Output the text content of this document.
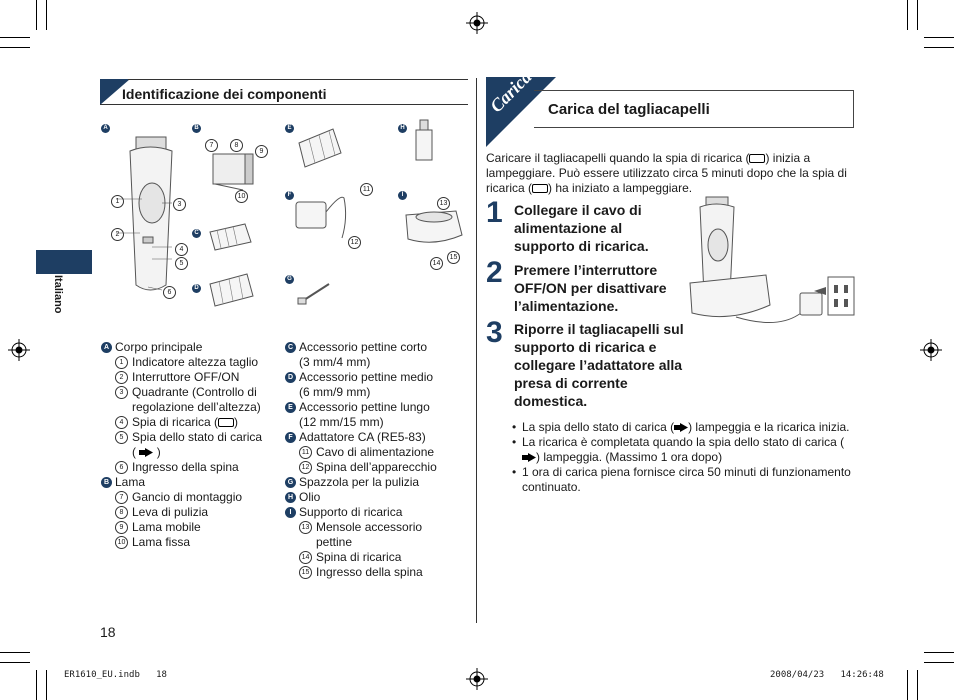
Identificazione dei componenti
Italiano
A	B
C
D
E
F
G
H
I
1
2
3
4
5
6
7	8
9
10
11
12
13
14
15
A Corpo principale
1 Indicatore altezza taglio
2 Interruttore OFF/ON
3 Quadrante (Controllo di
regolazione dell’altezza)
4 Spia di ricarica ( )
5 Spia dello stato di carica
( )
6 Ingresso della spina
B Lama
7 Gancio di montaggio
8 Leva di pulizia
9 Lama mobile
10 Lama fissa
C Accessorio pettine corto
(3 mm/4 mm)
D Accessorio pettine medio
(6 mm/9 mm)
E Accessorio pettine lungo
(12 mm/15 mm)
F Adattatore CA (RE5-83)
11 Cavo di alimentazione
12 Spina dell’apparecchio
G Spazzola per la pulizia
H Olio
I Supporto di ricarica
13 Mensole accessorio
pettine
14 Spina di ricarica
15 Ingresso della spina
18
Carica Carica del tagliacapelli
Caricare il tagliacapelli quando la spia di ricarica ( ) inizia a lampeggiare. Può essere utilizzato circa 5 minuti dopo che la spia di ricarica ( ) ha iniziato a lampeggiare.
1 Collegare il cavo di alimentazione al supporto di ricarica.
2 Premere l’interruttore OFF/ON per disattivare l’alimentazione.
3 Riporre il tagliacapelli sul supporto di ricarica e collegare l’adattatore alla presa di corrente domestica.
• La spia dello stato di carica ( ) lampeggia e la ricarica inizia.
• La ricarica è completata quando la spia dello stato di carica () lampeggia. (Massimo 1 ora dopo)
• 1 ora di carica piena fornisce circa 50 minuti di funzionamento continuato.
ER1610_EU.indb   18	2008/04/23   14:26:48
